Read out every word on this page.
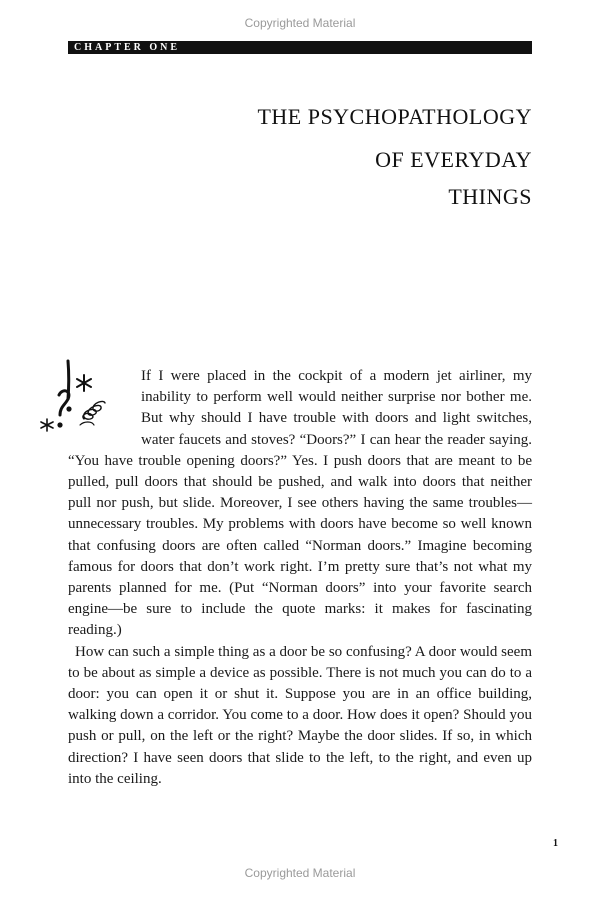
Copyrighted Material
CHAPTER ONE
THE PSYCHOPATHOLOGY
OF EVERYDAY
THINGS

If I were placed in the cockpit of a modern jet airliner, my inability to perform well would neither surprise nor bother me. But why should I have trouble with doors and light switches, water faucets and stoves? “Doors?” I can hear the reader saying. “You have trouble opening doors?” Yes. I push doors that are meant to be pulled, pull doors that should be pushed, and walk into doors that neither pull nor push, but slide. Moreover, I see others having the same troubles—unnecessary troubles. My problems with doors have become so well known that confusing doors are often called “Norman doors.” Imagine becoming famous for doors that don’t work right. I’m pretty sure that’s not what my parents planned for me. (Put “Norman doors” into your favorite search engine—be sure to include the quote marks: it makes for fascinating reading.)

How can such a simple thing as a door be so confusing? A door would seem to be about as simple a device as possible. There is not much you can do to a door: you can open it or shut it. Suppose you are in an office building, walking down a corridor. You come to a door. How does it open? Should you push or pull, on the left or the right? Maybe the door slides. If so, in which direction? I have seen doors that slide to the left, to the right, and even up into the ceiling.

1
Copyrighted Material
